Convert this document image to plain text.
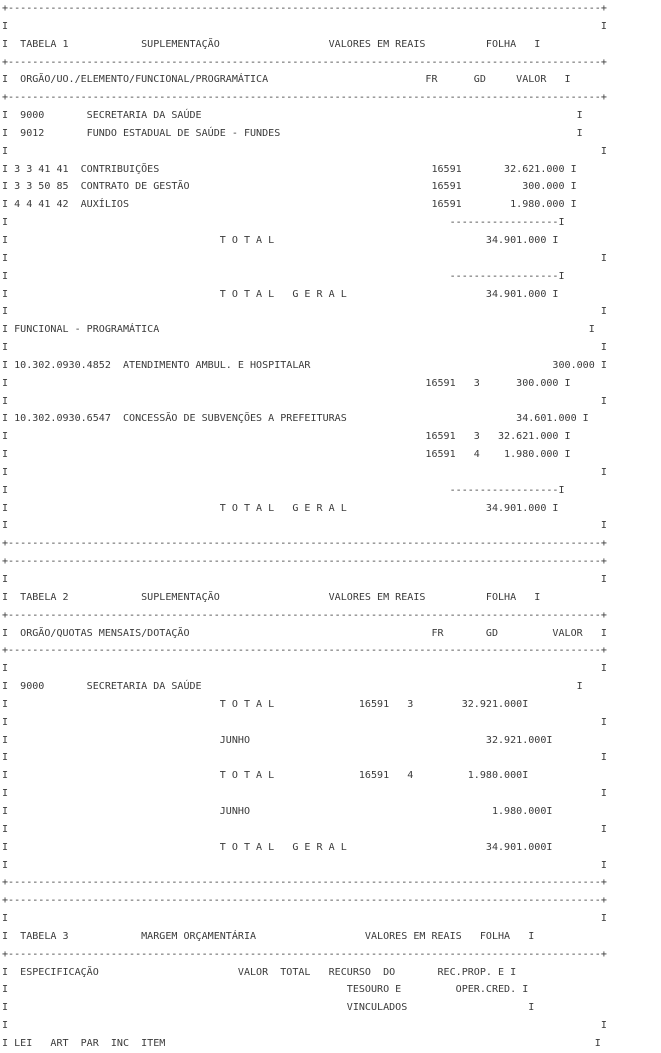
+--------------------------------------------------------------------------------------------------+
I                                                                                                  I
I  TABELA 1            SUPLEMENTAÇÃO                  VALORES EM REAIS          FOLHA   I
+--------------------------------------------------------------------------------------------------+
I  ORGÃO/UO./ELEMENTO/FUNCIONAL/PROGRAMÁTICA                          FR      GD     VALOR   I
+--------------------------------------------------------------------------------------------------+
I  9000       SECRETARIA DA SAÚDE                                                              I
I  9012       FUNDO ESTADUAL DE SAÚDE - FUNDES                                                 I
I                                                                                                  I
I 3 3 41 41  CONTRIBUIÇÕES                                             16591       32.621.000 I
I 3 3 50 85  CONTRATO DE GESTÃO                                        16591          300.000 I
I 4 4 41 42  AUXÍLIOS                                                  16591        1.980.000 I
I                                                                         ------------------I
I                                   T O T A L                                   34.901.000 I
I                                                                                                  I
I                                                                         ------------------I
I                                   T O T A L   G E R A L                       34.901.000 I
I                                                                                                  I
I FUNCIONAL - PROGRAMÁTICA                                                                       I
I                                                                                                  I
I 10.302.0930.4852  ATENDIMENTO AMBUL. E HOSPITALAR                                        300.000 I
I                                                                     16591   3      300.000 I
I                                                                                                  I
I 10.302.0930.6547  CONCESSÃO DE SUBVENÇÕES A PREFEITURAS                            34.601.000 I
I                                                                     16591   3   32.621.000 I
I                                                                     16591   4    1.980.000 I
I                                                                                                  I
I                                                                         ------------------I
I                                   T O T A L   G E R A L                       34.901.000 I
I                                                                                                  I
+--------------------------------------------------------------------------------------------------+
+--------------------------------------------------------------------------------------------------+
I                                                                                                  I
I  TABELA 2            SUPLEMENTAÇÃO                  VALORES EM REAIS          FOLHA   I
+--------------------------------------------------------------------------------------------------+
I  ORGÃO/QUOTAS MENSAIS/DOTAÇÃO                                        FR       GD         VALOR   I
+--------------------------------------------------------------------------------------------------+
I                                                                                                  I
I  9000       SECRETARIA DA SAÚDE                                                              I
I                                   T O T A L              16591   3        32.921.000I
I                                                                                                  I
I                                   JUNHO                                       32.921.000I
I                                                                                                  I
I                                   T O T A L              16591   4         1.980.000I
I                                                                                                  I
I                                   JUNHO                                        1.980.000I
I                                                                                                  I
I                                   T O T A L   G E R A L                       34.901.000I
I                                                                                                  I
+--------------------------------------------------------------------------------------------------+
+--------------------------------------------------------------------------------------------------+
I                                                                                                  I
I  TABELA 3            MARGEM ORÇAMENTÁRIA                  VALORES EM REAIS   FOLHA   I
+--------------------------------------------------------------------------------------------------+
I  ESPECIFICAÇÃO                       VALOR  TOTAL   RECURSO  DO       REC.PROP. E I
I                                                        TESOURO E         OPER.CRED. I
I                                                        VINCULADOS                    I
I                                                                                                  I
I LEI   ART  PAR  INC  ITEM                                                                       I
